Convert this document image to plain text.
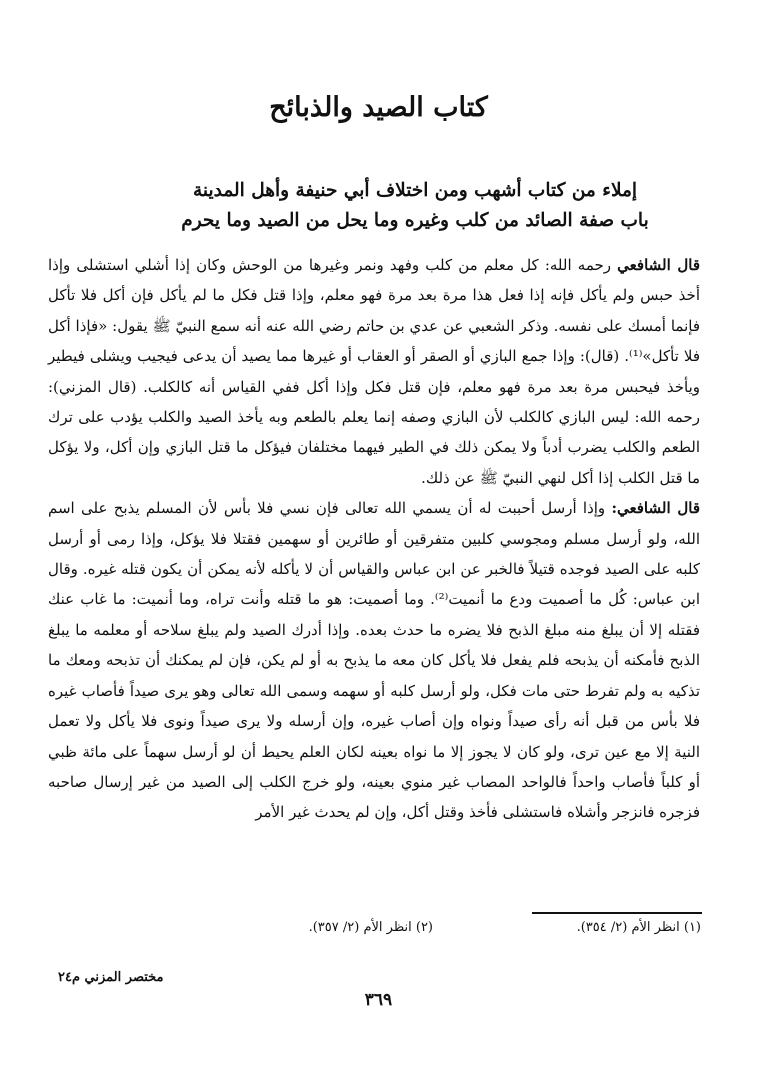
كتاب الصيد والذبائح
إملاء من كتاب أشهب ومن اختلاف أبي حنيفة وأهل المدينة
باب صفة الصائد من كلب وغيره وما يحل من الصيد وما يحرم

قال الشافعي رحمه الله: كل معلم من كلب وفهد ونمر وغيرها من الوحش وكان إذا أشلي استشلى وإذا أخذ حبس ولم يأكل فإنه إذا فعل هذا مرة بعد مرة فهو معلم، وإذا قتل فكل ما لم يأكل فإن أكل فلا تأكل فإنما أمسك على نفسه. وذكر الشعبي عن عدي بن حاتم رضي الله عنه أنه سمع النبيّ ﷺ يقول: «فإذا أكل فلا تأكل»⁽¹⁾. (قال): وإذا جمع البازي أو الصقر أو العقاب أو غيرها مما يصيد أن يدعى فيجيب ويشلى فيطير ويأخذ فيحبس مرة بعد مرة فهو معلم، فإن قتل فكل وإذا أكل ففي القياس أنه كالكلب. (قال المزني): رحمه الله: ليس البازي كالكلب لأن البازي وصفه إنما يعلم بالطعم وبه يأخذ الصيد والكلب يؤدب على ترك الطعم والكلب يضرب أدباً ولا يمكن ذلك في الطير فيهما مختلفان فيؤكل ما قتل البازي وإن أكل، ولا يؤكل ما قتل الكلب إذا أكل لنهي النبيّ ﷺ عن ذلك.

قال الشافعي: وإذا أرسل أحببت له أن يسمي الله تعالى فإن نسي فلا بأس لأن المسلم يذبح على اسم الله، ولو أرسل مسلم ومجوسي كلبين متفرقين أو طائرين أو سهمين فقتلا فلا يؤكل، وإذا رمى أو أرسل كلبه على الصيد فوجده قتيلاً فالخبر عن ابن عباس والقياس أن لا يأكله لأنه يمكن أن يكون قتله غيره. وقال ابن عباس: كُل ما أصميت ودع ما أنميت⁽²⁾. وما أصميت: هو ما قتله وأنت تراه، وما أنميت: ما غاب عنك فقتله إلا أن يبلغ منه مبلغ الذبح فلا يضره ما حدث بعده. وإذا أدرك الصيد ولم يبلغ سلاحه أو معلمه ما يبلغ الذبح فأمكنه أن يذبحه فلم يفعل فلا يأكل كان معه ما يذبح به أو لم يكن، فإن لم يمكنك أن تذبحه ومعك ما تذكيه به ولم تفرط حتى مات فكل، ولو أرسل كلبه أو سهمه وسمى الله تعالى وهو يرى صيداً فأصاب غيره فلا بأس من قبل أنه رأى صيداً ونواه وإن أصاب غيره، وإن أرسله ولا يرى صيداً ونوى فلا يأكل ولا تعمل النية إلا مع عين ترى، ولو كان لا يجوز إلا ما نواه بعينه لكان العلم يحيط أن لو أرسل سهماً على مائة ظبي أو كلباً فأصاب واحداً فالواحد المصاب غير منوي بعينه، ولو خرج الكلب إلى الصيد من غير إرسال صاحبه فزجره فانزجر وأشلاه فاستشلى فأخذ وقتل أكل، وإن لم يحدث غير الأمر

(١) انظر الأم (٢/ ٣٥٤).
(٢) انظر الأم (٢/ ٣٥٧).
مختصر المزني م٢٤
٣٦٩
